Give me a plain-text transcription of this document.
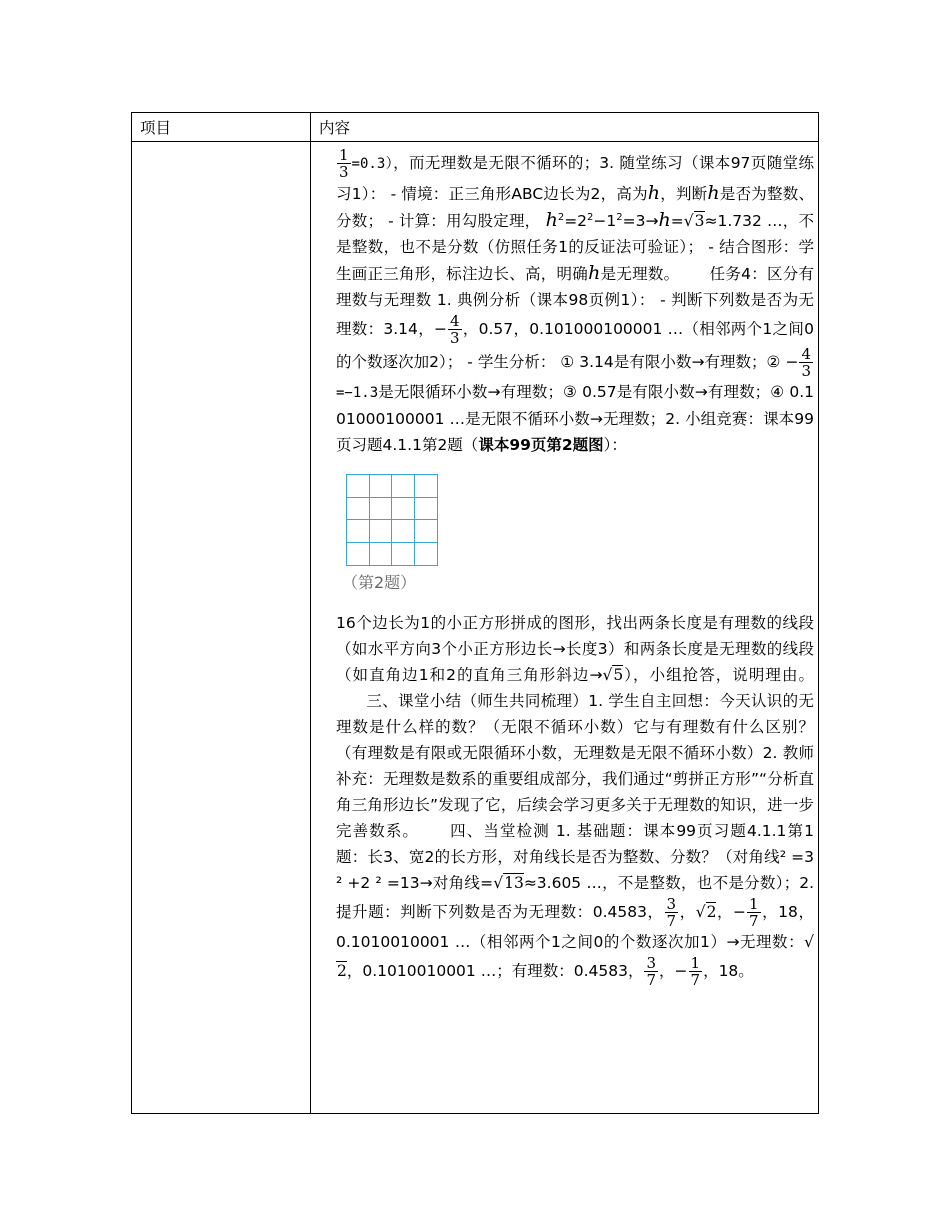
项目	内容
$\frac{1}{3} =0.3$），而无理数是无限不循环的；3. 随堂练习（课本97页随堂练习1）： - 情境：正三角形ABC边长为2，高为h，判断h是否为整数、分数； - 计算：用勾股定理， $h^2=2^2-1^2=3\to h=√3\approx 1.732$ …，不是整数，也不是分数（仿照任务1的反证法可验证）； - 结合图形：学生画正三角形，标注边长、高，明确h是无理数。 任务4：区分有理数与无理数 1. 典例分析（课本98页例1）： - 判断下列数是否为无理数：3.14，− $\frac{4}{3}$ ，0.57，0.101000100001 …（相邻两个1之间0的个数逐次加2）； - 学生分析： ① 3.14是有限小数→有理数；② − $\frac{4}{3}$
=−1.3是无限循环小数→有理数；③ 0.57是有限小数→有理数；④ 0.101000100001 …是无限不循环小数→无理数；2. 小组竞赛：课本99页习题4.1.1第2题（课本99页第2题图）：
（第2题）
16个边长为1的小正方形拼成的图形，找出两条长度是有理数的线段（如水平方向3个小正方形边长→长度3）和两条长度是无理数的线段（如直角边1和2的直角三角形斜边→√5），小组抢答，说明理由。三、课堂小结（师生共同梳理）1. 学生自主回想：今天认识的无理数是什么样的数？（无限不循环小数）它与有理数有什么区别？（有理数是有限或无限循环小数，无理数是无限不循环小数）2. 教师补充：无理数是数系的重要组成部分，我们通过“剪拼正方形”“分析直角三角形边长”发现了它，后续会学习更多关于无理数的知识，进一步完善数系。 四、当堂检测 1. 基础题：课本99页习题4.1.1第1题：长3、宽2的长方形，对角线长是否为整数、分数？（对角线² =3 ² +2 ² =13→对角线=√13≈3.605 …，不是整数，也不是分数）；2. 提升题：判断下列数是否为无理数：0.4583， $\frac{3}{7}$ ，√2，− $\frac{1}{7}$ ，18，0.1010010001 …（相邻两个1之间0的个数逐次加1）→无理数：√2，0.1010010001 …；有理数：0.4583， $\frac{3}{7}$ ，− $\frac{1}{7}$ ，18。
